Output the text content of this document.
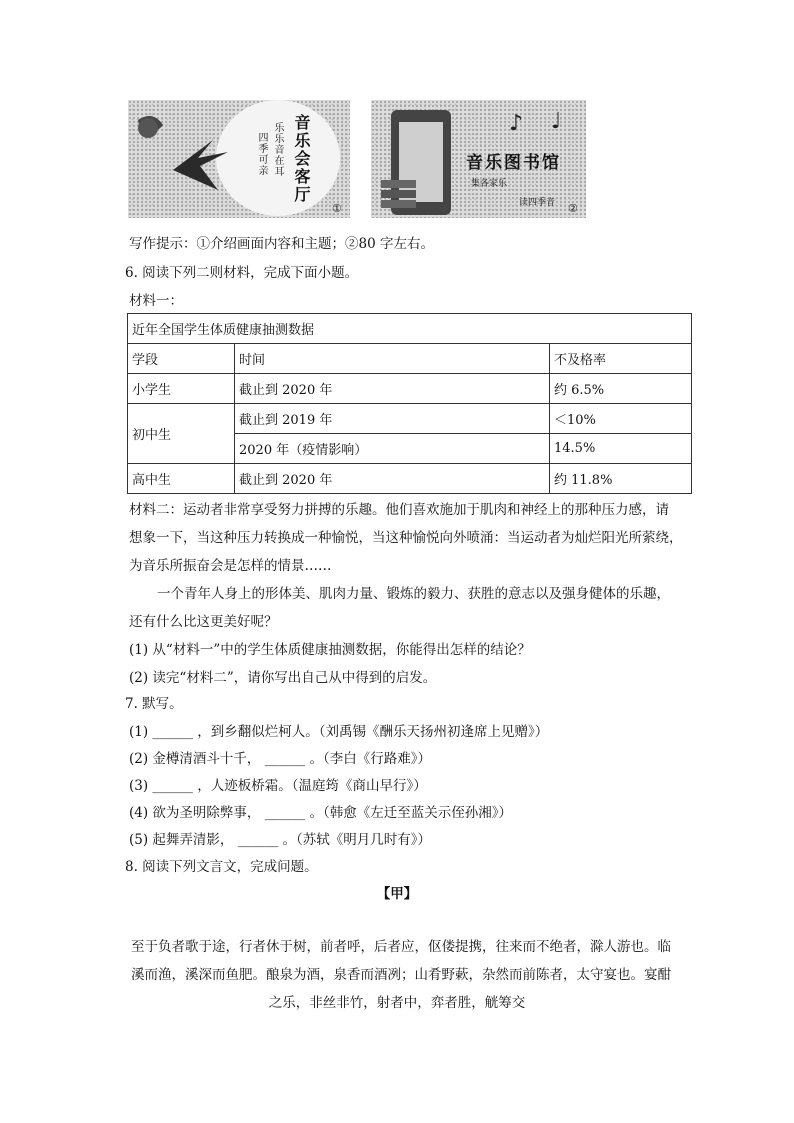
音乐会客厅
乐乐音在耳
四季可亲
①
♪ ♩
音乐图书馆
集各家乐
读四季音 ②
写作提示：①介绍画面内容和主题；②80 字左右。
6. 阅读下列二则材料，完成下面小题。
材料一：
近年全国学生体质健康抽测数据		
学段	时间	不及格率
小学生	截止到 2020 年	约 6.5%
初中生	截止到 2019 年	＜10%
	2020 年（疫情影响）	14.5%
高中生	截止到 2020 年	约 11.8%
材料二：运动者非常享受努力拼搏的乐趣。他们喜欢施加于肌肉和神经上的那种压力感，请
想象一下，当这种压力转换成一种愉悦，当这种愉悦向外喷涌：当运动者为灿烂阳光所萦绕，
为音乐所振奋会是怎样的情景……
一个青年人身上的形体美、肌肉力量、锻炼的毅力、获胜的意志以及强身健体的乐趣，
还有什么比这更美好呢？
(1) 从“材料一”中的学生体质健康抽测数据，你能得出怎样的结论？
(2) 读完“材料二”，请你写出自己从中得到的启发。
7. 默写。
(1) ______ ，到乡翻似烂柯人。（刘禹锡《酬乐天扬州初逢席上见赠》）
(2) 金樽清酒斗十千， ______ 。（李白《行路难》）
(3) ______ ，人迹板桥霜。（温庭筠《商山早行》）
(4) 欲为圣明除弊事， ______ 。（韩愈《左迁至蓝关示侄孙湘》）
(5) 起舞弄清影， ______ 。（苏轼《明月几时有》）
8. 阅读下列文言文，完成问题。
【甲】
至于负者歌于途，行者休于树，前者呼，后者应，伛偻提携，往来而不绝者，滁人游也。临
溪而渔，溪深而鱼肥。酿泉为酒，泉香而酒冽；山肴野蔌，杂然而前陈者，太守宴也。宴酣
之乐，非丝非竹，射者中，弈者胜，觥筹交
